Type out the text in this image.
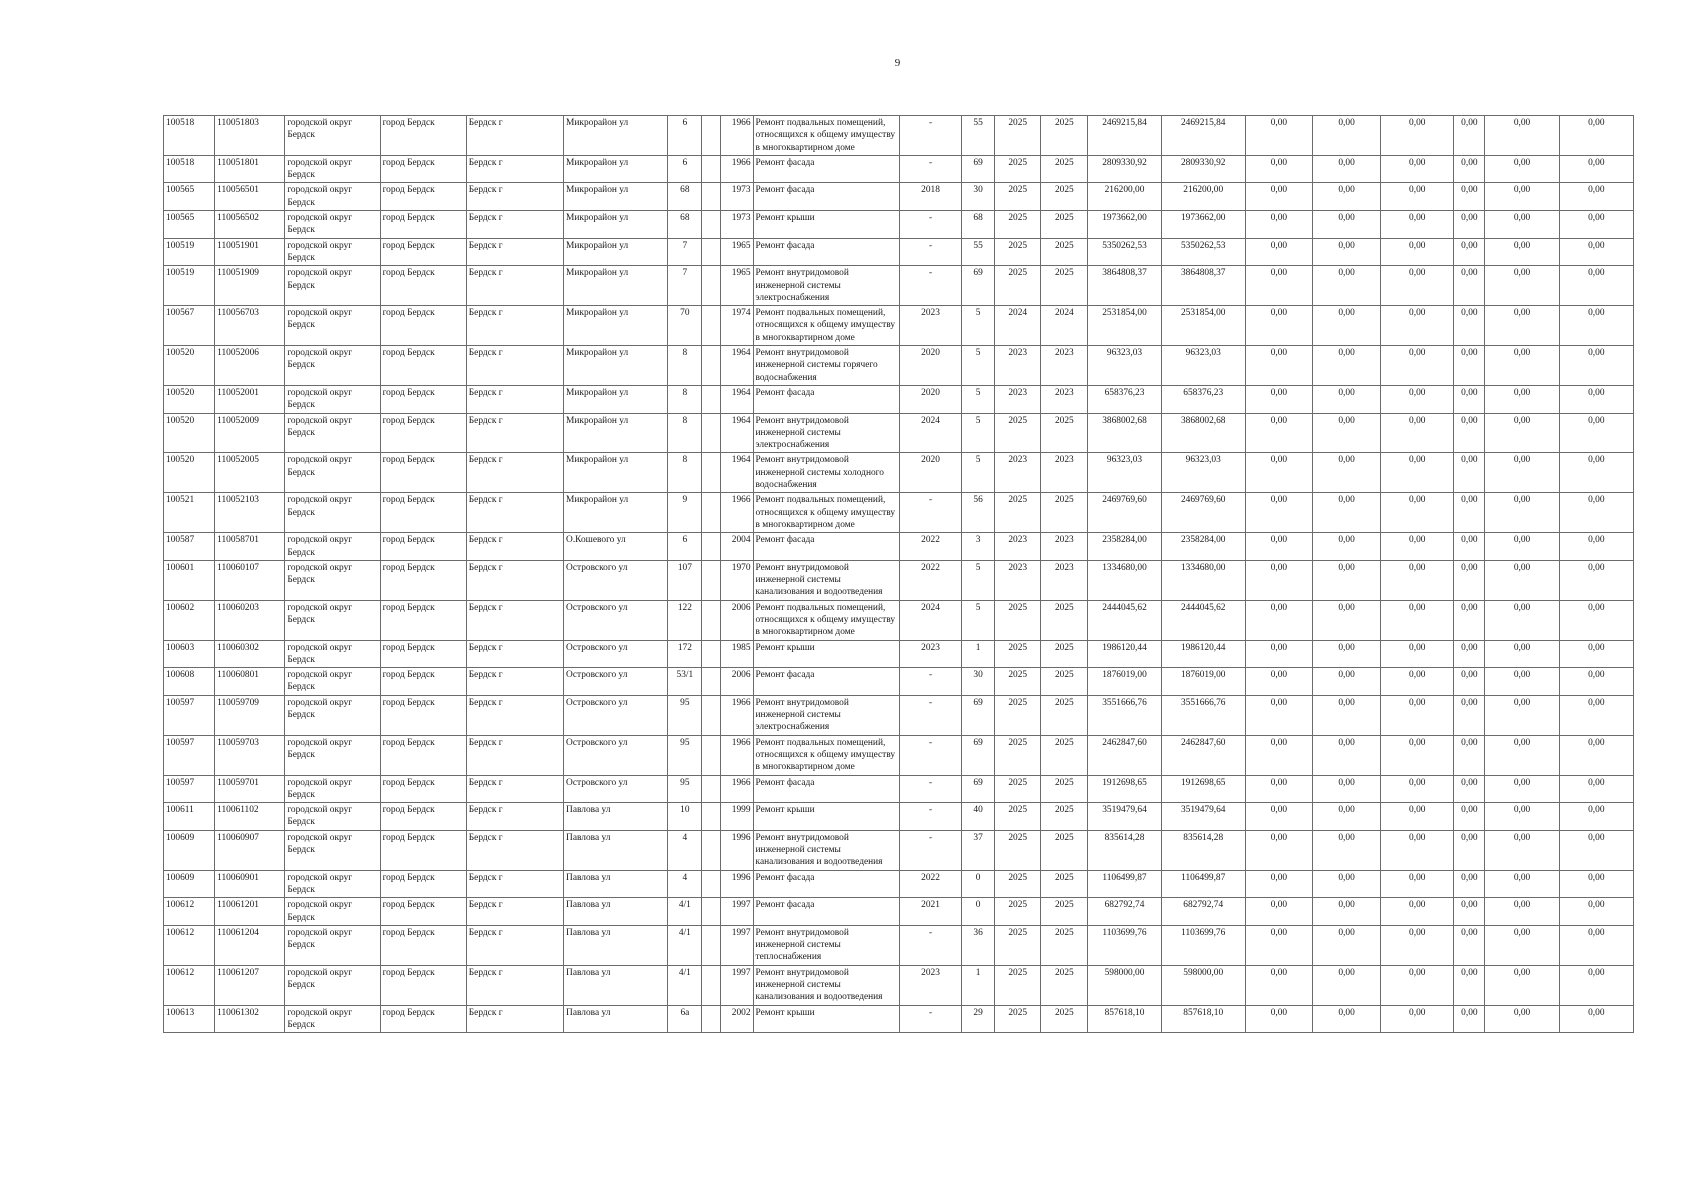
9
100518	110051803	городской округ Бердск	город Бердск	Бердск г	Микрорайон ул	6		1966	Ремонт подвальных помещений, относящихся к общему имуществу в многоквартирном доме	-	55	2025	2025	2469215,84	2469215,84	0,00	0,00	0,00	0,00	0,00	0,00
100518	110051801	городской округ Бердск	город Бердск	Бердск г	Микрорайон ул	6		1966	Ремонт фасада	-	69	2025	2025	2809330,92	2809330,92	0,00	0,00	0,00	0,00	0,00	0,00
100565	110056501	городской округ Бердск	город Бердск	Бердск г	Микрорайон ул	68		1973	Ремонт фасада	2018	30	2025	2025	216200,00	216200,00	0,00	0,00	0,00	0,00	0,00	0,00
100565	110056502	городской округ Бердск	город Бердск	Бердск г	Микрорайон ул	68		1973	Ремонт крыши	-	68	2025	2025	1973662,00	1973662,00	0,00	0,00	0,00	0,00	0,00	0,00
100519	110051901	городской округ Бердск	город Бердск	Бердск г	Микрорайон ул	7		1965	Ремонт фасада	-	55	2025	2025	5350262,53	5350262,53	0,00	0,00	0,00	0,00	0,00	0,00
100519	110051909	городской округ Бердск	город Бердск	Бердск г	Микрорайон ул	7		1965	Ремонт внутридомовой инженерной системы электроснабжения	-	69	2025	2025	3864808,37	3864808,37	0,00	0,00	0,00	0,00	0,00	0,00
100567	110056703	городской округ Бердск	город Бердск	Бердск г	Микрорайон ул	70		1974	Ремонт подвальных помещений, относящихся к общему имуществу в многоквартирном доме	2023	5	2024	2024	2531854,00	2531854,00	0,00	0,00	0,00	0,00	0,00	0,00
100520	110052006	городской округ Бердск	город Бердск	Бердск г	Микрорайон ул	8		1964	Ремонт внутридомовой инженерной системы горячего водоснабжения	2020	5	2023	2023	96323,03	96323,03	0,00	0,00	0,00	0,00	0,00	0,00
100520	110052001	городской округ Бердск	город Бердск	Бердск г	Микрорайон ул	8		1964	Ремонт фасада	2020	5	2023	2023	658376,23	658376,23	0,00	0,00	0,00	0,00	0,00	0,00
100520	110052009	городской округ Бердск	город Бердск	Бердск г	Микрорайон ул	8		1964	Ремонт внутридомовой инженерной системы электроснабжения	2024	5	2025	2025	3868002,68	3868002,68	0,00	0,00	0,00	0,00	0,00	0,00
100520	110052005	городской округ Бердск	город Бердск	Бердск г	Микрорайон ул	8		1964	Ремонт внутридомовой инженерной системы холодного водоснабжения	2020	5	2023	2023	96323,03	96323,03	0,00	0,00	0,00	0,00	0,00	0,00
100521	110052103	городской округ Бердск	город Бердск	Бердск г	Микрорайон ул	9		1966	Ремонт подвальных помещений, относящихся к общему имуществу в многоквартирном доме	-	56	2025	2025	2469769,60	2469769,60	0,00	0,00	0,00	0,00	0,00	0,00
100587	110058701	городской округ Бердск	город Бердск	Бердск г	О.Кошевого ул	6		2004	Ремонт фасада	2022	3	2023	2023	2358284,00	2358284,00	0,00	0,00	0,00	0,00	0,00	0,00
100601	110060107	городской округ Бердск	город Бердск	Бердск г	Островского ул	107		1970	Ремонт внутридомовой инженерной системы канализования и водоотведения	2022	5	2023	2023	1334680,00	1334680,00	0,00	0,00	0,00	0,00	0,00	0,00
100602	110060203	городской округ Бердск	город Бердск	Бердск г	Островского ул	122		2006	Ремонт подвальных помещений, относящихся к общему имуществу в многоквартирном доме	2024	5	2025	2025	2444045,62	2444045,62	0,00	0,00	0,00	0,00	0,00	0,00
100603	110060302	городской округ Бердск	город Бердск	Бердск г	Островского ул	172		1985	Ремонт крыши	2023	1	2025	2025	1986120,44	1986120,44	0,00	0,00	0,00	0,00	0,00	0,00
100608	110060801	городской округ Бердск	город Бердск	Бердск г	Островского ул	53/1		2006	Ремонт фасада	-	30	2025	2025	1876019,00	1876019,00	0,00	0,00	0,00	0,00	0,00	0,00
100597	110059709	городской округ Бердск	город Бердск	Бердск г	Островского ул	95		1966	Ремонт внутридомовой инженерной системы электроснабжения	-	69	2025	2025	3551666,76	3551666,76	0,00	0,00	0,00	0,00	0,00	0,00
100597	110059703	городской округ Бердск	город Бердск	Бердск г	Островского ул	95		1966	Ремонт подвальных помещений, относящихся к общему имуществу в многоквартирном доме	-	69	2025	2025	2462847,60	2462847,60	0,00	0,00	0,00	0,00	0,00	0,00
100597	110059701	городской округ Бердск	город Бердск	Бердск г	Островского ул	95		1966	Ремонт фасада	-	69	2025	2025	1912698,65	1912698,65	0,00	0,00	0,00	0,00	0,00	0,00
100611	110061102	городской округ Бердск	город Бердск	Бердск г	Павлова ул	10		1999	Ремонт крыши	-	40	2025	2025	3519479,64	3519479,64	0,00	0,00	0,00	0,00	0,00	0,00
100609	110060907	городской округ Бердск	город Бердск	Бердск г	Павлова ул	4		1996	Ремонт внутридомовой инженерной системы канализования и водоотведения	-	37	2025	2025	835614,28	835614,28	0,00	0,00	0,00	0,00	0,00	0,00
100609	110060901	городской округ Бердск	город Бердск	Бердск г	Павлова ул	4		1996	Ремонт фасада	2022	0	2025	2025	1106499,87	1106499,87	0,00	0,00	0,00	0,00	0,00	0,00
100612	110061201	городской округ Бердск	город Бердск	Бердск г	Павлова ул	4/1		1997	Ремонт фасада	2021	0	2025	2025	682792,74	682792,74	0,00	0,00	0,00	0,00	0,00	0,00
100612	110061204	городской округ Бердск	город Бердск	Бердск г	Павлова ул	4/1		1997	Ремонт внутридомовой инженерной системы теплоснабжения	-	36	2025	2025	1103699,76	1103699,76	0,00	0,00	0,00	0,00	0,00	0,00
100612	110061207	городской округ Бердск	город Бердск	Бердск г	Павлова ул	4/1		1997	Ремонт внутридомовой инженерной системы канализования и водоотведения	2023	1	2025	2025	598000,00	598000,00	0,00	0,00	0,00	0,00	0,00	0,00
100613	110061302	городской округ Бердск	город Бердск	Бердск г	Павлова ул	6а		2002	Ремонт крыши	-	29	2025	2025	857618,10	857618,10	0,00	0,00	0,00	0,00	0,00	0,00
